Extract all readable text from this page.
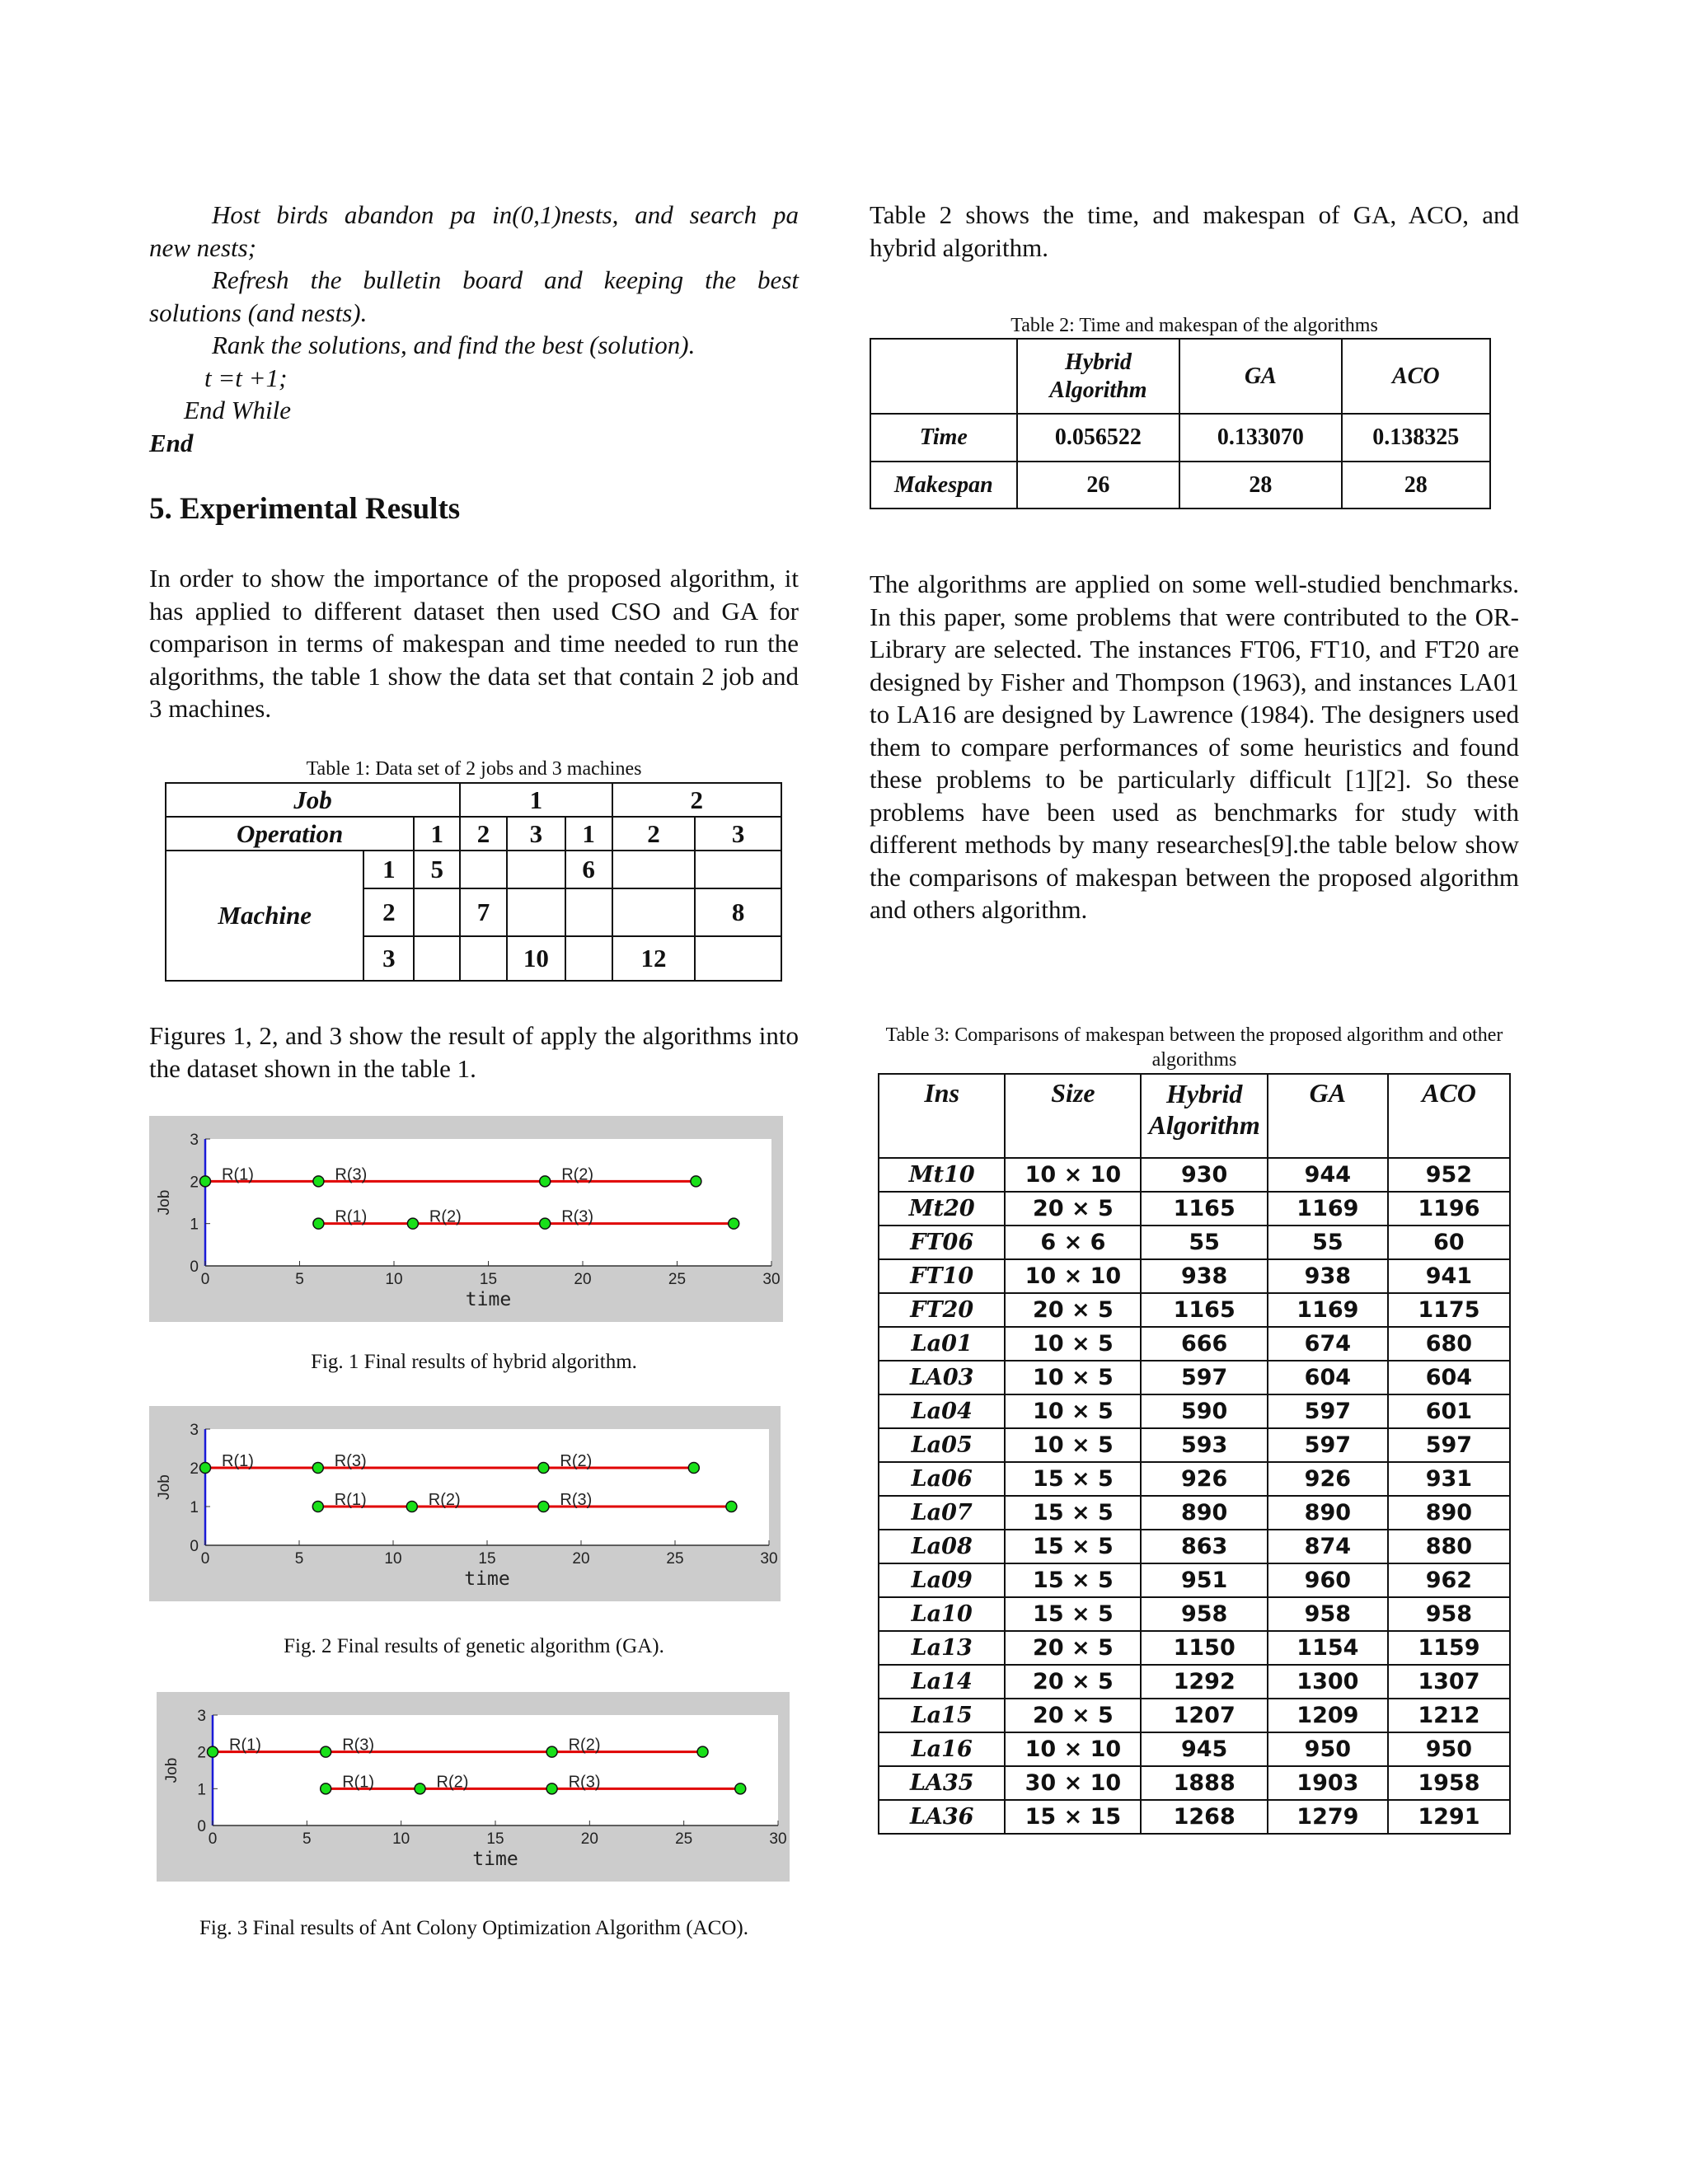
Host birds abandon pa in(0,1)nests, and search pa
new nests;
Refresh the bulletin board and keeping the best
solutions (and nests).
Rank the solutions, and find the best (solution).
t =t +1;
End While
End
5. Experimental Results

In order to show the importance of the proposed algorithm, it has applied to different dataset then used CSO and GA for comparison in terms of makespan and time needed to run the algorithms, the table 1 show the data set that contain 2 job and 3 machines.

Table 1: Data set of 2 jobs and 3 machines
Job			1			2	
Operation		1	2	3	1	2	3
Machine	1	5			6		
	2		7				8
	3			10		12	

Figures 1, 2, and 3 show the result of apply the algorithms into the dataset shown in the table 1.

0	5	10	15	20	25	30
0
1
2
3
time
Job
R(1)	R(3)	R(2)
R(1)	R(2)	R(3)
Fig. 1 Final results of hybrid algorithm.
0	5	10	15	20	25	30
0
1
2
3
time
Job
R(1)	R(3)	R(2)
R(1)	R(2)	R(3)
Fig. 2 Final results of genetic algorithm (GA).
0	5	10	15	20	25	30
0
1
2
3
time
Job
R(1)	R(3)	R(2)
R(1)	R(2)	R(3)
Fig. 3 Final results of Ant Colony Optimization Algorithm (ACO).

Table 2 shows the time, and makespan of GA, ACO, and hybrid algorithm.

Table 2: Time and makespan of the algorithms
	Hybrid Algorithm	GA	ACO
Time	0.056522	0.133070	0.138325
Makespan	26	28	28

The algorithms are applied on some well-studied benchmarks. In this paper, some problems that were contributed to the OR-Library are selected. The instances FT06, FT10, and FT20 are designed by Fisher and Thompson (1963), and instances LA01 to LA16 are designed by Lawrence (1984). The designers used them to compare performances of some heuristics and found these problems to be particularly difficult [1][2]. So these problems have been used as benchmarks for study with different methods by many researches[9].the table below show the comparisons of makespan between the proposed algorithm and others algorithm.

Table 3: Comparisons of makespan between the proposed algorithm and other algorithms
Ins	Size	Hybrid Algorithm	GA	ACO
Mt10	10 × 10	930	944	952
Mt20	20 × 5	1165	1169	1196
FT06	6 × 6	55	55	60
FT10	10 × 10	938	938	941
FT20	20 × 5	1165	1169	1175
La01	10 × 5	666	674	680
LA03	10 × 5	597	604	604
La04	10 × 5	590	597	601
La05	10 × 5	593	597	597
La06	15 × 5	926	926	931
La07	15 × 5	890	890	890
La08	15 × 5	863	874	880
La09	15 × 5	951	960	962
La10	15 × 5	958	958	958
La13	20 × 5	1150	1154	1159
La14	20 × 5	1292	1300	1307
La15	20 × 5	1207	1209	1212
La16	10 × 10	945	950	950
LA35	30 × 10	1888	1903	1958
LA36	15 × 15	1268	1279	1291
